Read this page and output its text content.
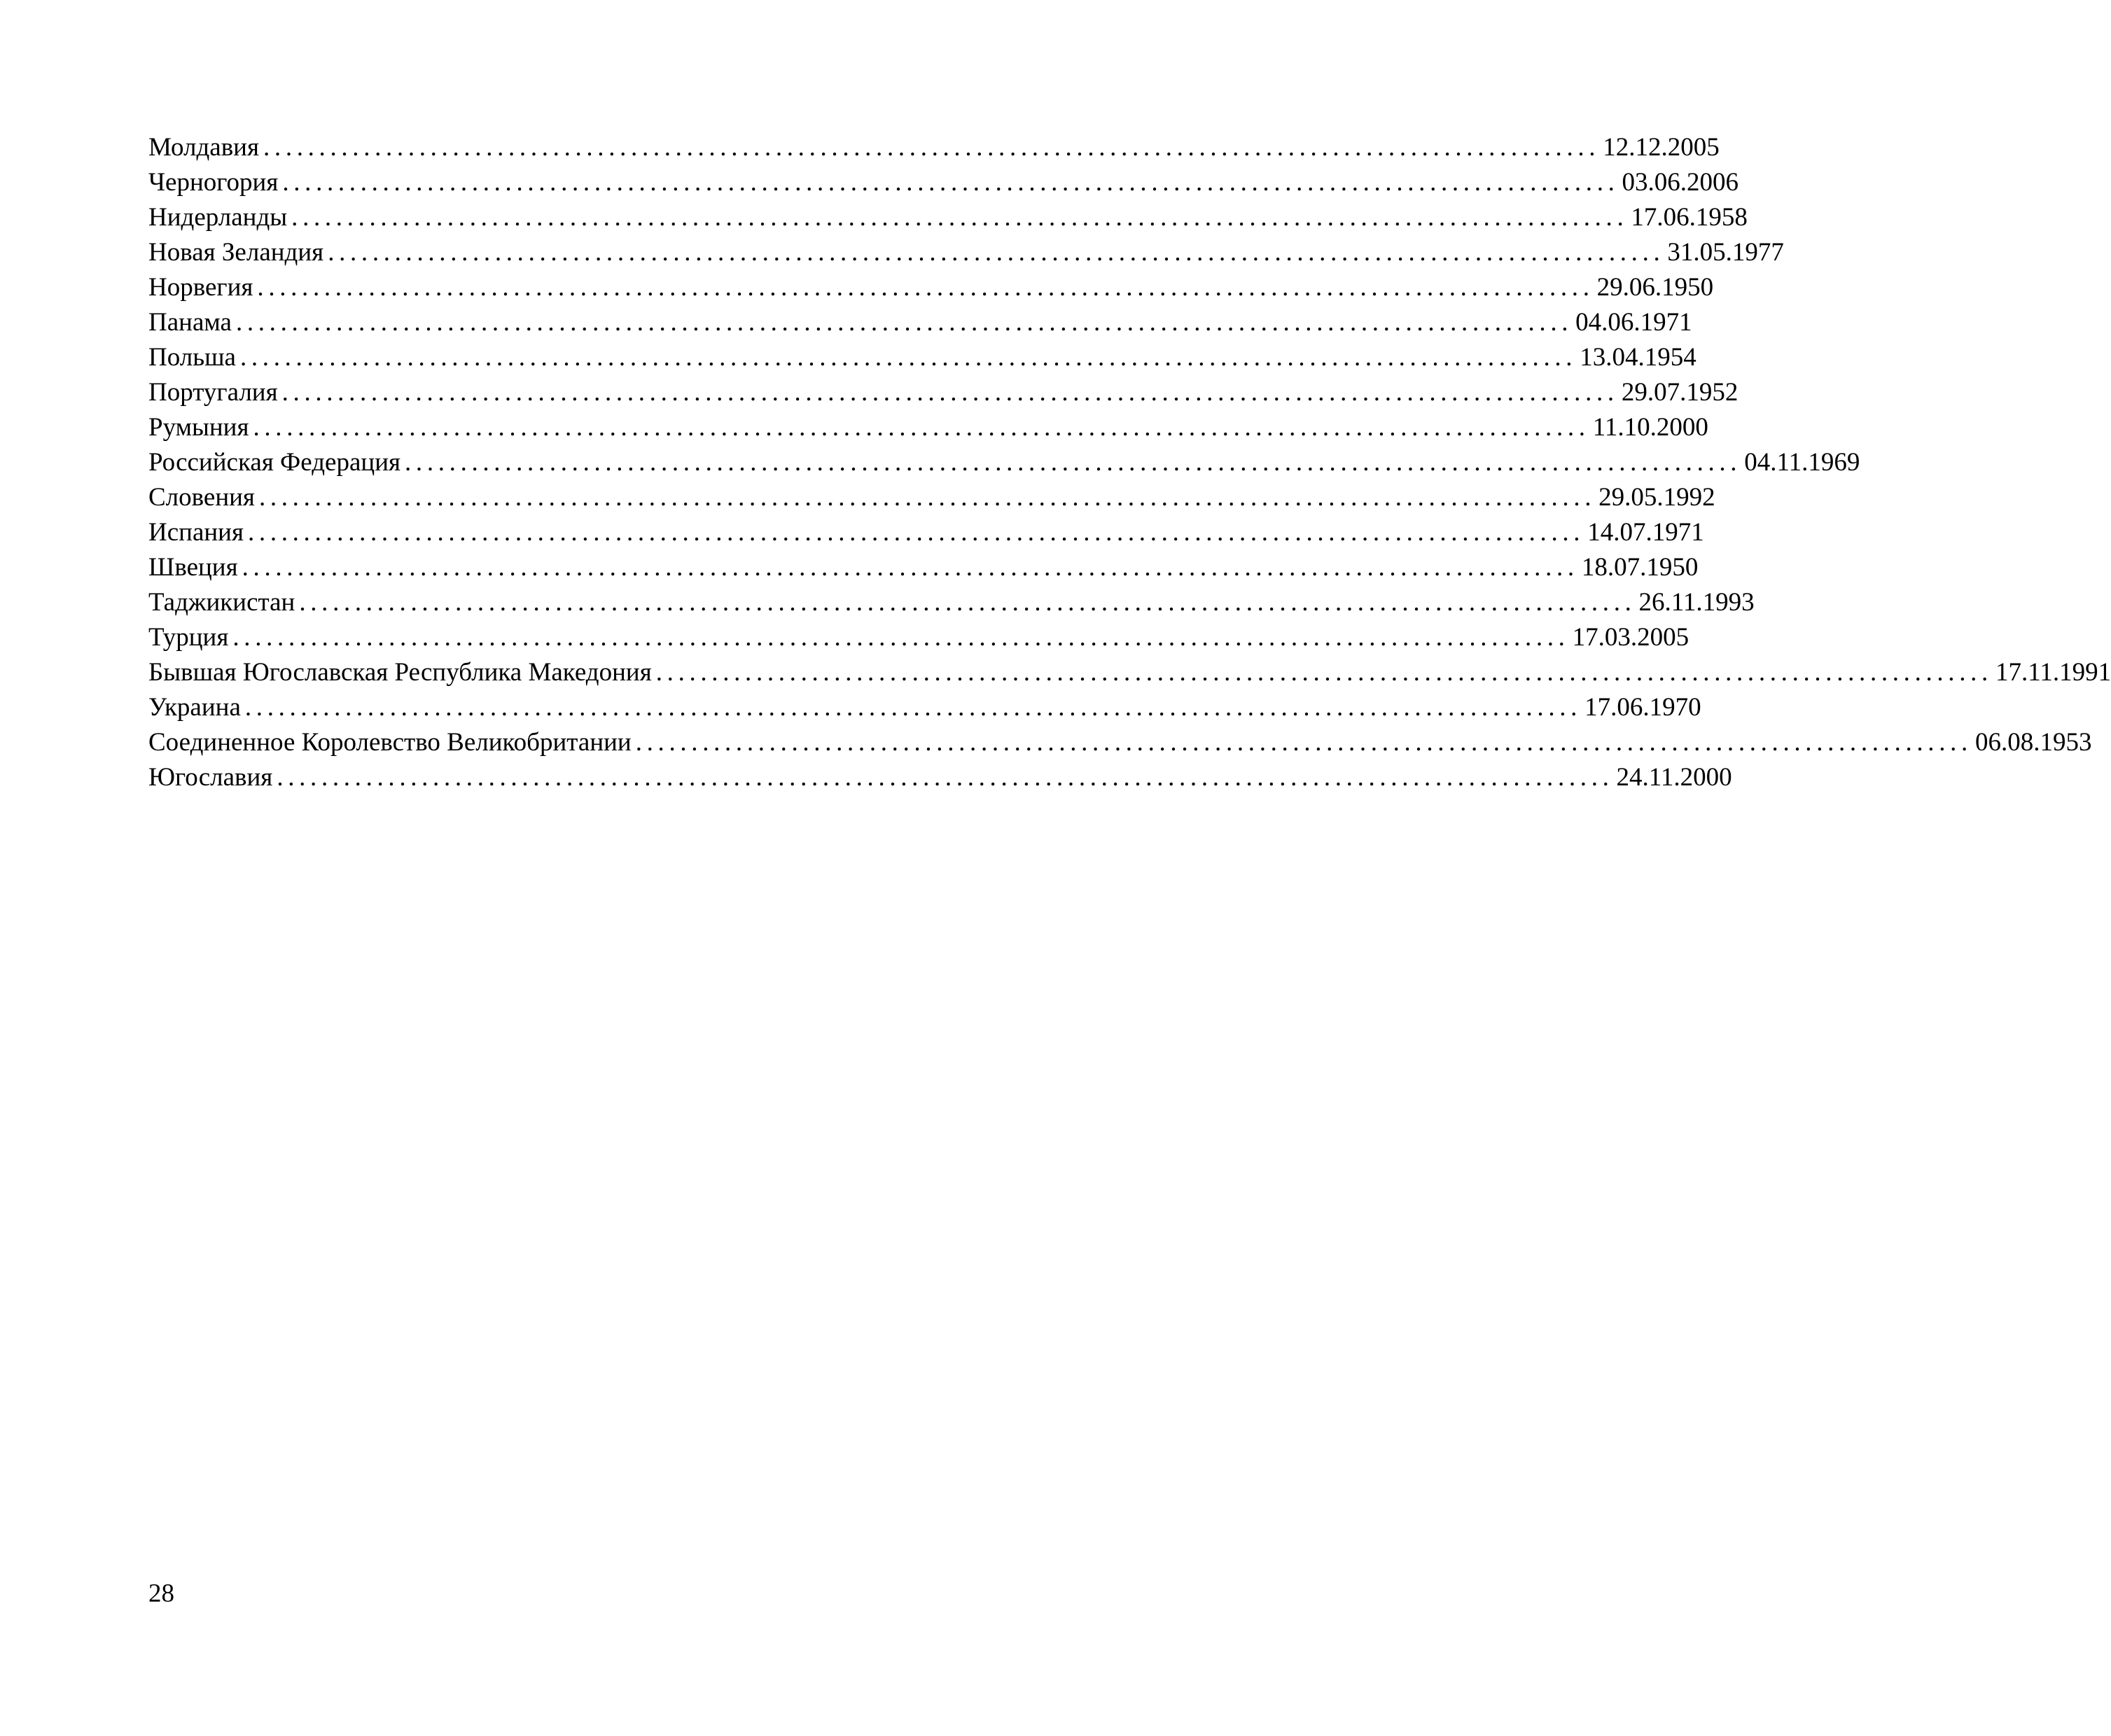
Молдавия ........................................................................................................................ 12.12.2005
Черногория ........................................................................................................................ 03.06.2006
Нидерланды ........................................................................................................................ 17.06.1958
Новая Зеландия ........................................................................................................................ 31.05.1977
Норвегия ........................................................................................................................ 29.06.1950
Панама ........................................................................................................................ 04.06.1971
Польша ........................................................................................................................ 13.04.1954
Португалия ........................................................................................................................ 29.07.1952
Румыния ........................................................................................................................ 11.10.2000
Российская Федерация ........................................................................................................................ 04.11.1969
Словения ........................................................................................................................ 29.05.1992
Испания ........................................................................................................................ 14.07.1971
Швеция ........................................................................................................................ 18.07.1950
Таджикистан ........................................................................................................................ 26.11.1993
Турция ........................................................................................................................ 17.03.2005
Бывшая Югославская Республика Македония ........................................................................................................................ 17.11.1991
Украина ........................................................................................................................ 17.06.1970
Соединенное Королевство Великобритании ........................................................................................................................ 06.08.1953
Югославия ........................................................................................................................ 24.11.2000
28
